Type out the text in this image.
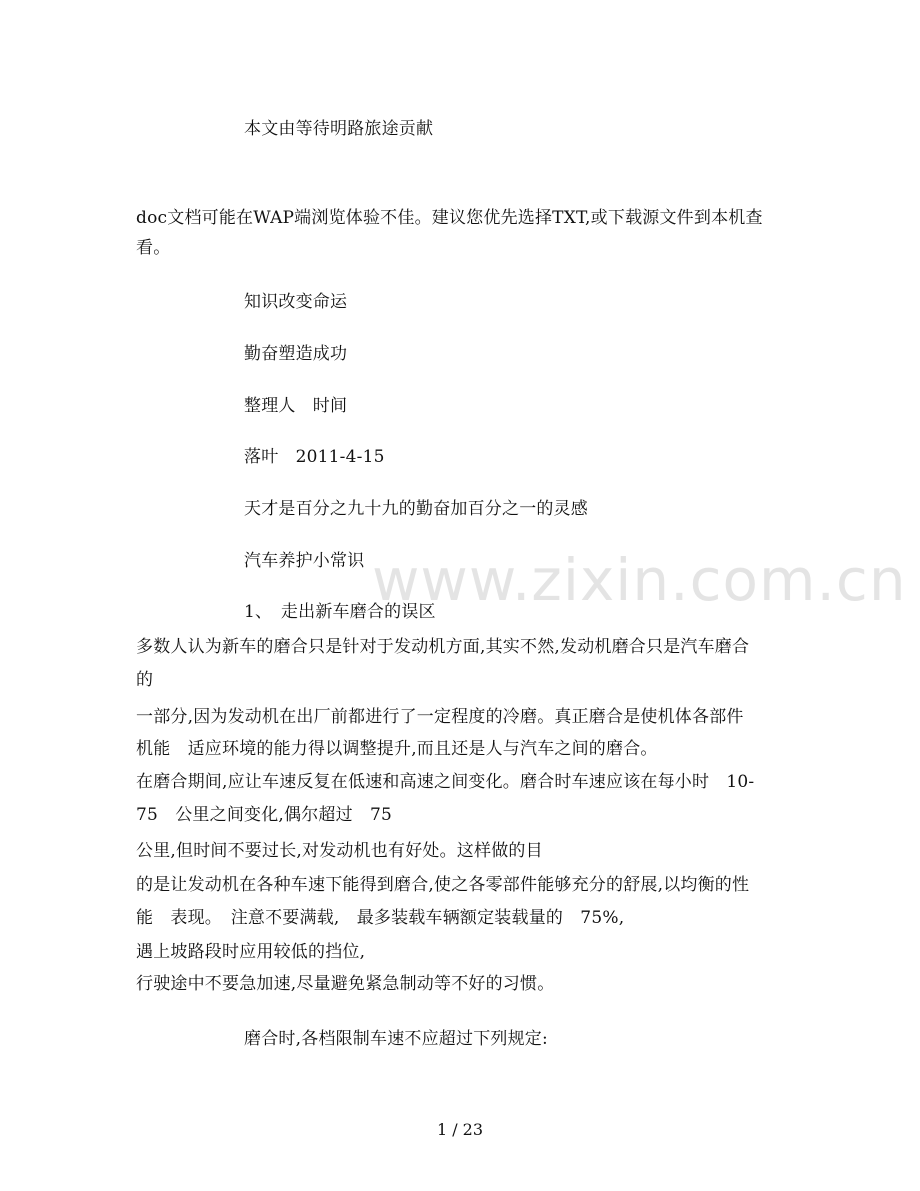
本文由等待明路旅途贡献
doc文档可能在WAP端浏览体验不佳。建议您优先选择TXT,或下载源文件到本机查
看。
知识改变命运
勤奋塑造成功
整理人　时间
落叶　2011-4-15
天才是百分之九十九的勤奋加百分之一的灵感
汽车养护小常识
1、　走出新车磨合的误区
多数人认为新车的磨合只是针对于发动机方面,其实不然,发动机磨合只是汽车磨合
的
一部分,因为发动机在出厂前都进行了一定程度的冷磨。真正磨合是使机体各部件
机能　适应环境的能力得以调整提升,而且还是人与汽车之间的磨合。
在磨合期间,应让车速反复在低速和高速之间变化。磨合时车速应该在每小时　10-
75　公里之间变化,偶尔超过　75
公里,但时间不要过长,对发动机也有好处。这样做的目
的是让发动机在各种车速下能得到磨合,使之各零部件能够充分的舒展,以均衡的性
能　表现。　注意不要满载,　最多装载车辆额定装载量的　75%,
遇上坡路段时应用较低的挡位,
行驶途中不要急加速,尽量避免紧急制动等不好的习惯。
磨合时,各档限制车速不应超过下列规定:
www.zixin.com.cn
1 / 23
